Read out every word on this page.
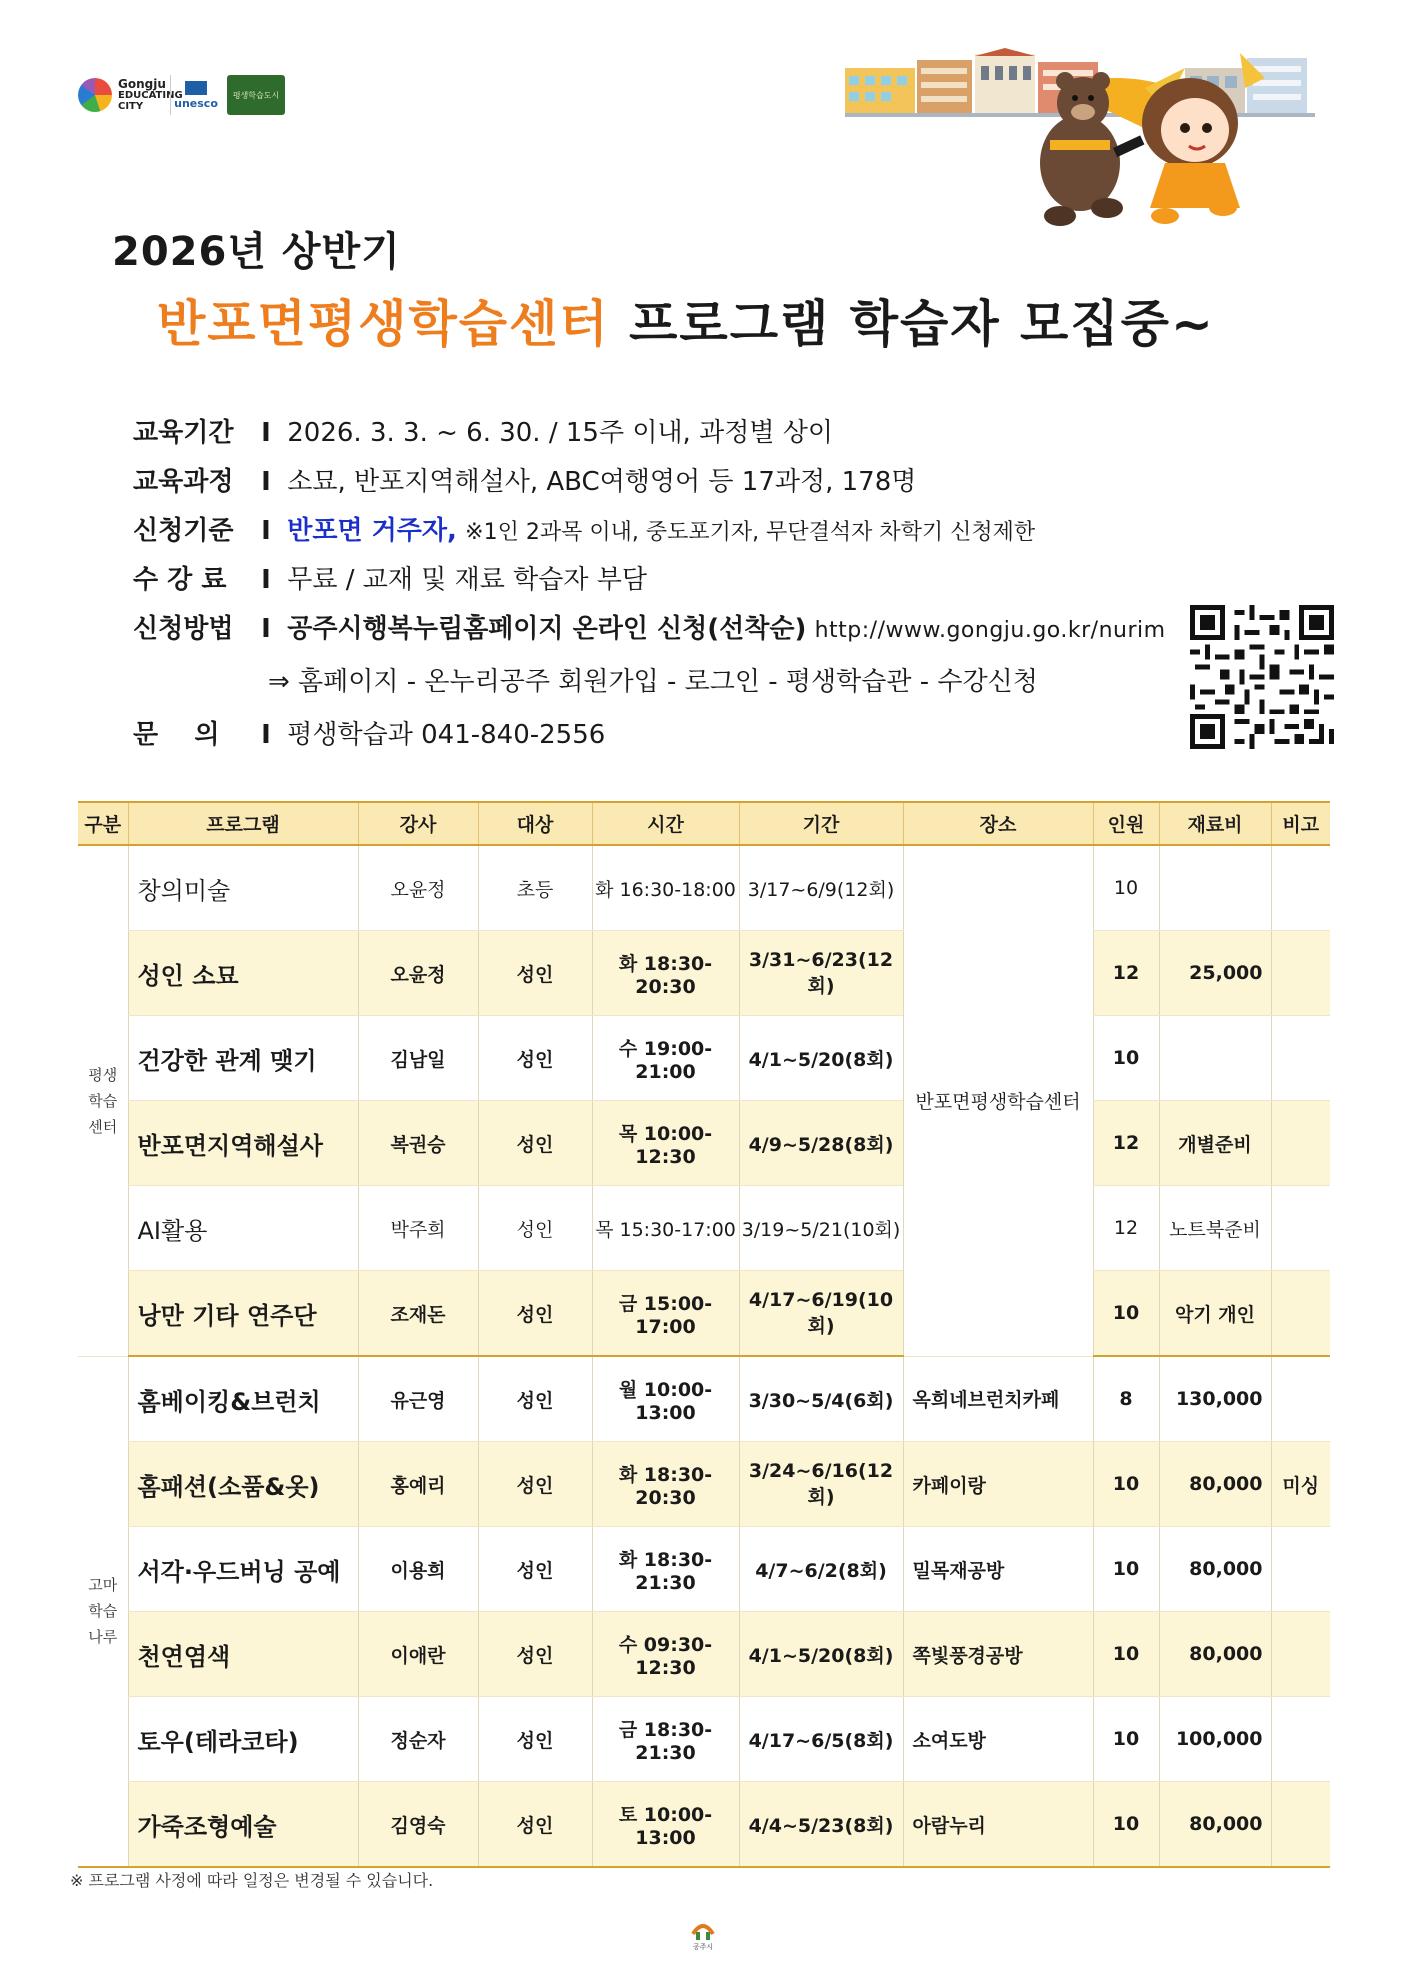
Gongju
EDUCATING
CITY	unesco
평생학습도시
2026년 상반기
반포면평생학습센터 프로그램 학습자 모집중~
교육기간 I 2026. 3. 3. ~ 6. 30. / 15주 이내, 과정별 상이
교육과정 I 소묘, 반포지역해설사, ABC여행영어 등 17과정, 178명
신청기준 I 반포면 거주자, ※1인 2과목 이내, 중도포기자, 무단결석자 차학기 신청제한
수 강 료 I 무료 / 교재 및 재료 학습자 부담
신청방법 I 공주시행복누림홈페이지 온라인 신청(선착순) http://www.gongju.go.kr/nurim
⇒ 홈페이지 - 온누리공주 회원가입 - 로그인 - 평생학습관 - 수강신청
문    의 I 평생학습과 041-840-2556
구분	프로그램	강사	대상	시간	기간	장소	인원	재료비	비고
평생
학습
센터	창의미술	오윤정	초등	화 16:30-18:00	3/17~6/9(12회)	반포면평생학습센터	10		
	성인 소묘	오윤정	성인	화 18:30-20:30	3/31~6/23(12회)		12	25,000	
	건강한 관계 맺기	김남일	성인	수 19:00-21:00	4/1~5/20(8회)		10		
	반포면지역해설사	복권승	성인	목 10:00-12:30	4/9~5/28(8회)		12	개별준비	
	AI활용	박주희	성인	목 15:30-17:00	3/19~5/21(10회)		12	노트북준비	
	낭만 기타 연주단	조재돈	성인	금 15:00-17:00	4/17~6/19(10회)		10	악기 개인	
고마
학습
나루	홈베이킹&브런치	유근영	성인	월 10:00-13:00	3/30~5/4(6회)	옥희네브런치카페	8	130,000	
	홈패션(소품&옷)	홍예리	성인	화 18:30-20:30	3/24~6/16(12회)	카페이랑	10	80,000	미싱
	서각·우드버닝 공예	이용희	성인	화 18:30-21:30	4/7~6/2(8회)	밀목재공방	10	80,000	
	천연염색	이애란	성인	수 09:30-12:30	4/1~5/20(8회)	쪽빛풍경공방	10	80,000	
	토우(테라코타)	정순자	성인	금 18:30-21:30	4/17~6/5(8회)	소여도방	10	100,000	
	가죽조형예술	김영숙	성인	토 10:00-13:00	4/4~5/23(8회)	아람누리	10	80,000	
※ 프로그램 사정에 따라 일정은 변경될 수 있습니다.
공주시
